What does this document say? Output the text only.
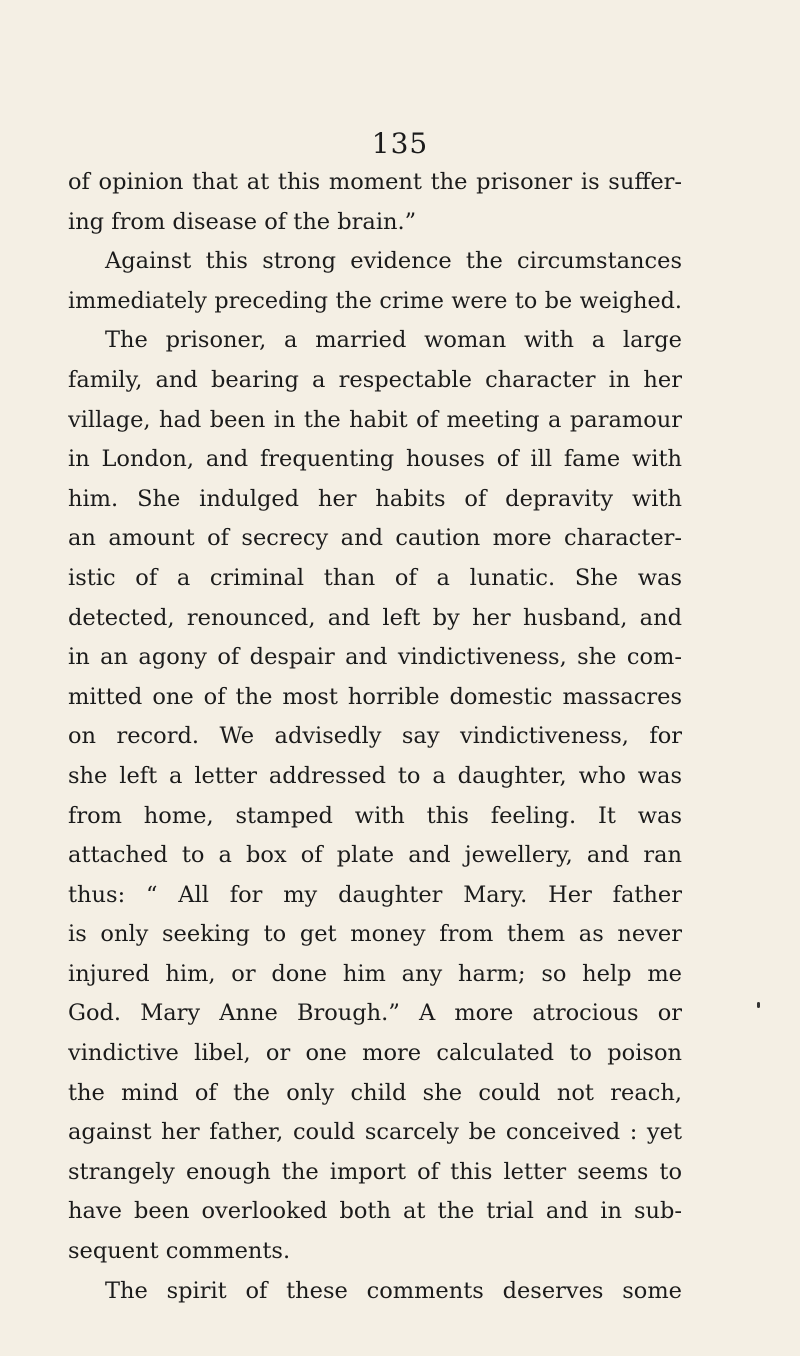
135
of opinion that at this moment the prisoner is suffer-
ing from disease of the brain.”
Against this strong evidence the circumstances
immediately preceding the crime were to be weighed.
The prisoner, a married woman with a large
family, and bearing a respectable character in her
village, had been in the habit of meeting a paramour
in London, and frequenting houses of ill fame with
him. She indulged her habits of depravity with
an amount of secrecy and caution more character-
istic of a criminal than of a lunatic. She was
detected, renounced, and left by her husband, and
in an agony of despair and vindictiveness, she com-
mitted one of the most horrible domestic massacres
on record. We advisedly say vindictiveness, for
she left a letter addressed to a daughter, who was
from home, stamped with this feeling. It was
attached to a box of plate and jewellery, and ran
thus: “ All for my daughter Mary. Her father
is only seeking to get money from them as never
injured him, or done him any harm; so help me
God. Mary Anne Brough.” A more atrocious or
vindictive libel, or one more calculated to poison
the mind of the only child she could not reach,
against her father, could scarcely be conceived : yet
strangely enough the import of this letter seems to
have been overlooked both at the trial and in sub-
sequent comments.
The spirit of these comments deserves some
